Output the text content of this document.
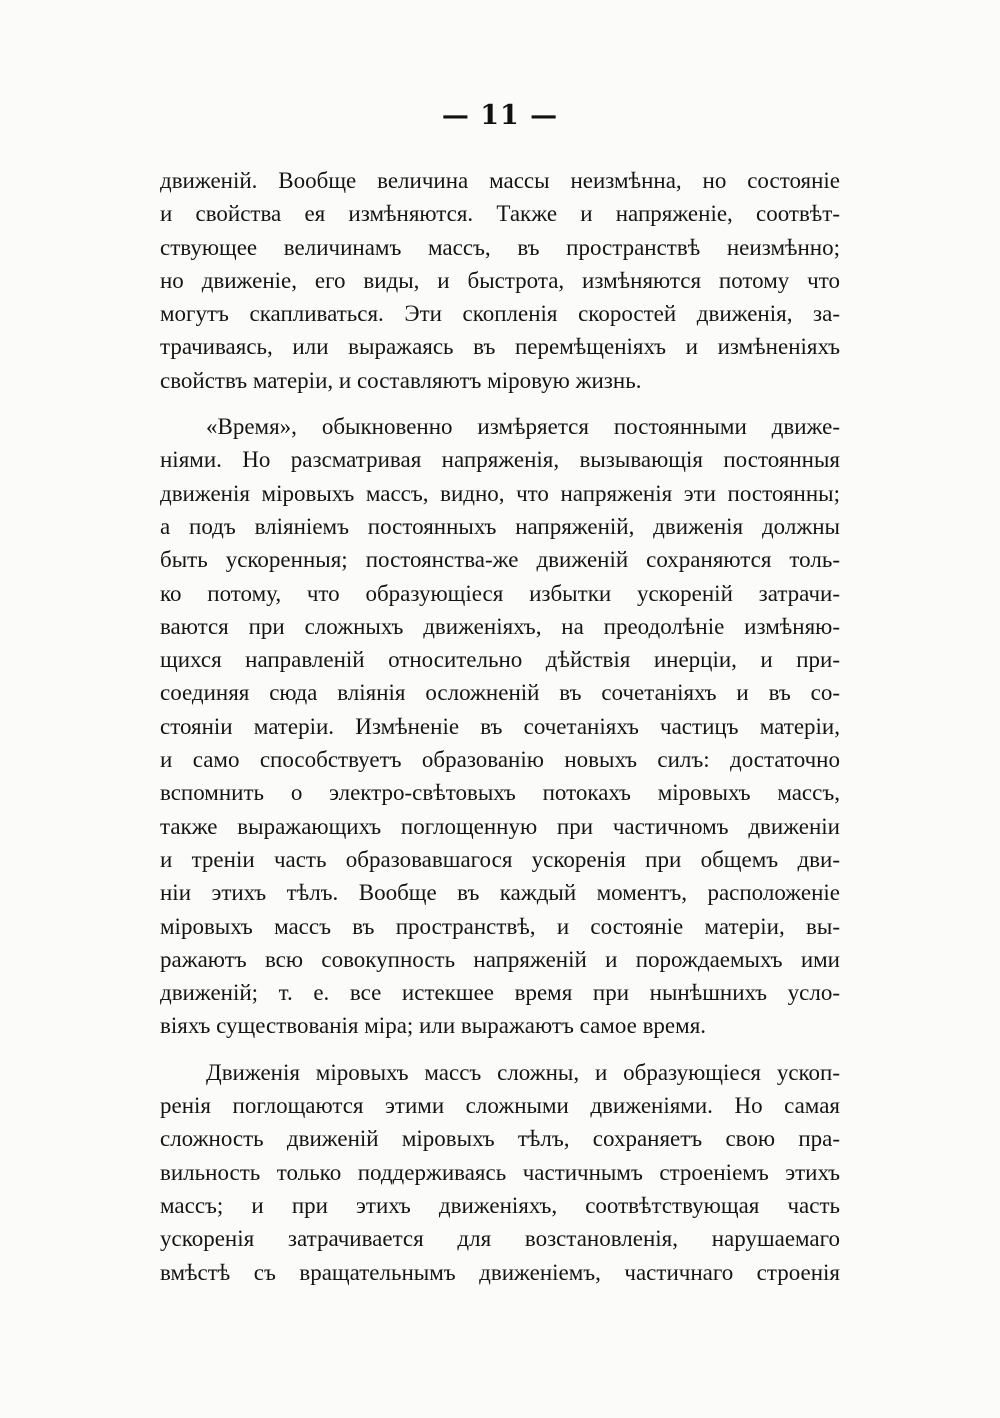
— 11 —

движеній. Вообще величина массы неизмѣнна, но состояніе
и свойства ея измѣняются. Также и напряженіе, соотвѣт-
ствующее величинамъ массъ, въ пространствѣ неизмѣнно;
но движеніе, его виды, и быстрота, измѣняются потому что
могутъ скапливаться. Эти скопленія скоростей движенія, за-
трачиваясь, или выражаясь въ перемѣщеніяхъ и измѣненіяхъ
свойствъ матеріи, и составляютъ міровую жизнь.

«Время», обыкновенно измѣряется постоянными движе-
ніями. Но разсматривая напряженія, вызывающія постоянныя
движенія міровыхъ массъ, видно, что напряженія эти постоянны;
а подъ вліяніемъ постоянныхъ напряженій, движенія должны
быть ускоренныя; постоянства-же движеній сохраняются толь-
ко потому, что образующіеся избытки ускореній затрачи-
ваются при сложныхъ движеніяхъ, на преодолѣніе измѣняю-
щихся направленій относительно дѣйствія инерціи, и при-
соединяя сюда вліянія осложненій въ сочетаніяхъ и въ со-
стояніи матеріи. Измѣненіе въ сочетаніяхъ частицъ матеріи,
и само способствуетъ образованію новыхъ силъ: достаточно
вспомнить о электро-свѣтовыхъ потокахъ міровыхъ массъ,
также выражающихъ поглощенную при частичномъ движеніи
и треніи часть образовавшагося ускоренія при общемъ дви-
ніи этихъ тѣлъ. Вообще въ каждый моментъ, расположеніе
міровыхъ массъ въ пространствѣ, и состояніе матеріи, вы-
ражаютъ всю совокупность напряженій и порождаемыхъ ими
движеній; т. е. все истекшее время при нынѣшнихъ усло-
віяхъ существованія міра; или выражаютъ самое время.

Движенія міровыхъ массъ сложны, и образующіеся ускоп-
ренія поглощаются этими сложными движеніями. Но самая
сложность движеній міровыхъ тѣлъ, сохраняетъ свою пра-
вильность только поддерживаясь частичнымъ строеніемъ этихъ
массъ; и при этихъ движеніяхъ, соотвѣтствующая часть
ускоренія затрачивается для возстановленія, нарушаемаго
вмѣстѣ съ вращательнымъ движеніемъ, частичнаго строенія
